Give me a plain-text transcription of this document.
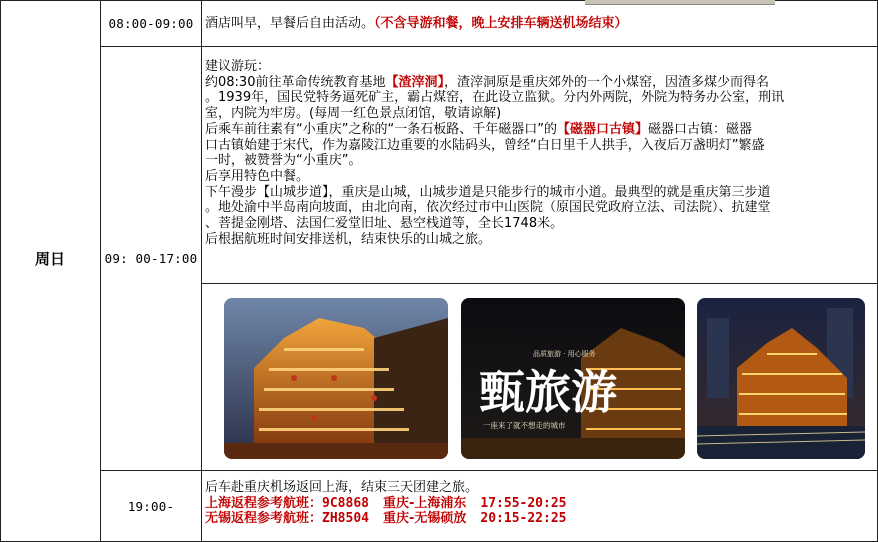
周日
08:00-09:00 酒店叫早，早餐后自由活动。（不含导游和餐，晚上安排车辆送机场结束）
09: 00-17:00
建议游玩：
约08:30前往革命传统教育基地【渣滓洞】，渣滓洞原是重庆郊外的一个小煤窑，因渣多煤少而得名
。1939年，国民党特务逼死矿主，霸占煤窑，在此设立监狱。分内外两院，外院为特务办公室，刑讯
室，内院为牢房。(每周一红色景点闭馆，敬请谅解)
后乘车前往素有“小重庆”之称的“一条石板路、千年磁器口”的【磁器口古镇】磁器口古镇：磁器
口古镇始建于宋代，作为嘉陵江边重要的水陆码头，曾经“白日里千人拱手，入夜后万盏明灯”繁盛
一时，被赞誉为“小重庆”。
后享用特色中餐。
下午漫步【山城步道】，重庆是山城，山城步道是只能步行的城市小道。最典型的就是重庆第三步道
。地处渝中半岛南向坡面，由北向南，依次经过市中山医院（原国民党政府立法、司法院）、抗建堂
、菩提金刚塔、法国仁爱堂旧址、悬空栈道等，全长1748米。
后根据航班时间安排送机，结束快乐的山城之旅。
甄旅游
品质旅游 · 用心服务
一座来了就不想走的城市
19:00-
后车赴重庆机场返回上海，结束三天团建之旅。
上海返程参考航班：9C8868 重庆-上海浦东 17:55-20:25
无锡返程参考航班：ZH8504 重庆-无锡硕放 20:15-22:25
